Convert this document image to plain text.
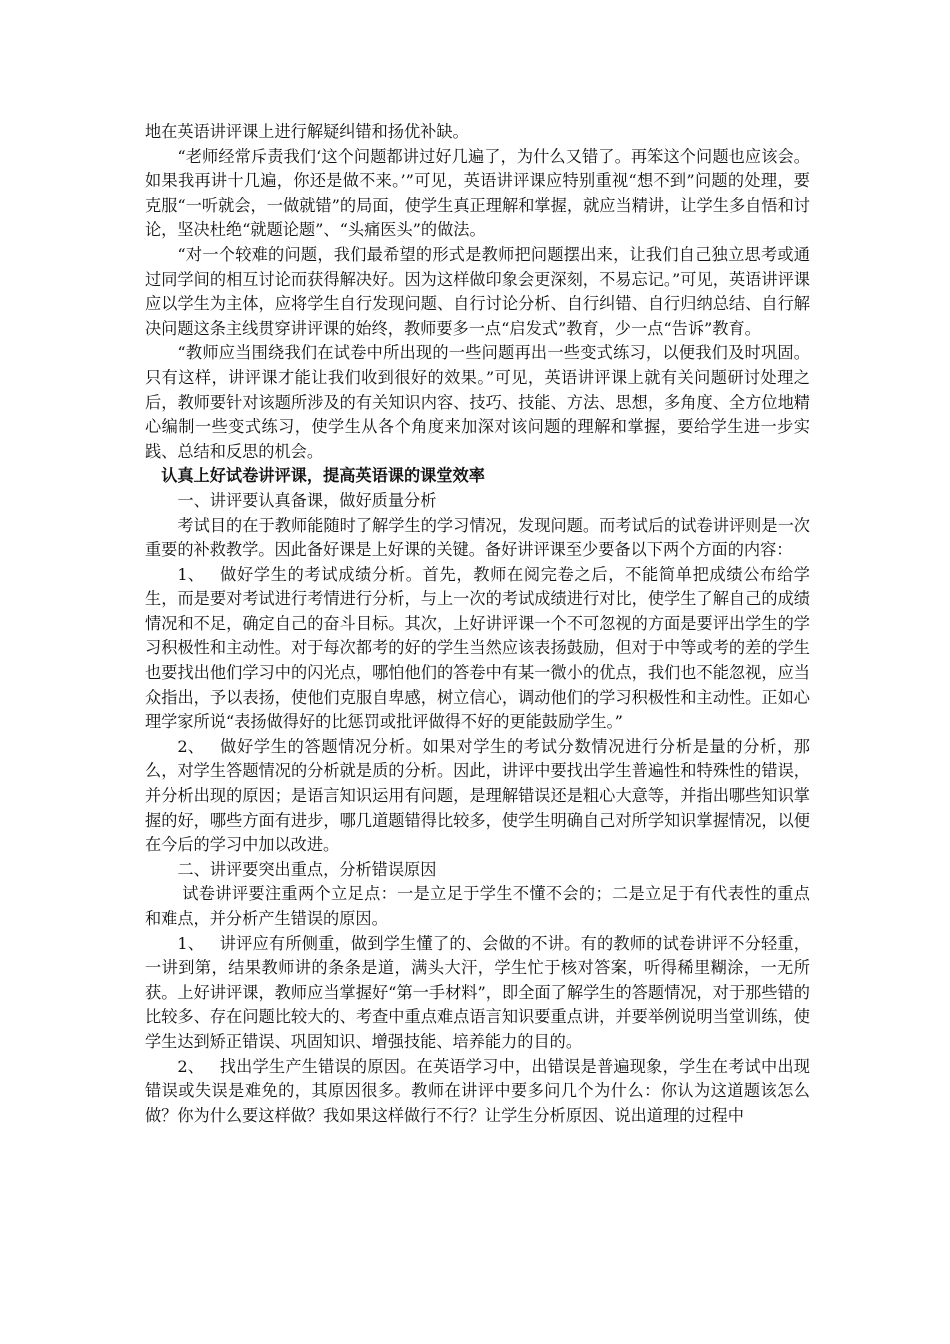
地在英语讲评课上进行解疑纠错和扬优补缺。

“老师经常斥责我们‘这个问题都讲过好几遍了，为什么又错了。再笨这个问题也应该会。如果我再讲十几遍，你还是做不来。’”可见，英语讲评课应特别重视“想不到”问题的处理，要克服“一听就会，一做就错”的局面，使学生真正理解和掌握，就应当精讲，让学生多自悟和讨论，坚决杜绝“就题论题”、“头痛医头”的做法。

“对一个较难的问题，我们最希望的形式是教师把问题摆出来，让我们自己独立思考或通过同学间的相互讨论而获得解决好。因为这样做印象会更深刻，不易忘记。”可见，英语讲评课应以学生为主体，应将学生自行发现问题、自行讨论分析、自行纠错、自行归纳总结、自行解决问题这条主线贯穿讲评课的始终，教师要多一点“启发式”教育，少一点“告诉”教育。

“教师应当围绕我们在试卷中所出现的一些问题再出一些变式练习，以便我们及时巩固。只有这样，讲评课才能让我们收到很好的效果。”可见，英语讲评课上就有关问题研讨处理之后，教师要针对该题所涉及的有关知识内容、技巧、技能、方法、思想，多角度、全方位地精心编制一些变式练习，使学生从各个角度来加深对该问题的理解和掌握，要给学生进一步实践、总结和反思的机会。

认真上好试卷讲评课，提高英语课的课堂效率

一、讲评要认真备课，做好质量分析

考试目的在于教师能随时了解学生的学习情况，发现问题。而考试后的试卷讲评则是一次重要的补救教学。因此备好课是上好课的关键。备好讲评课至少要备以下两个方面的内容：

1、 做好学生的考试成绩分析。首先，教师在阅完卷之后，不能简单把成绩公布给学生，而是要对考试进行考情进行分析，与上一次的考试成绩进行对比，使学生了解自己的成绩情况和不足，确定自己的奋斗目标。其次，上好讲评课一个不可忽视的方面是要评出学生的学习积极性和主动性。对于每次都考的好的学生当然应该表扬鼓励，但对于中等或考的差的学生也要找出他们学习中的闪光点，哪怕他们的答卷中有某一微小的优点，我们也不能忽视，应当众指出，予以表扬，使他们克服自卑感，树立信心，调动他们的学习积极性和主动性。正如心理学家所说“表扬做得好的比惩罚或批评做得不好的更能鼓励学生。”

2、 做好学生的答题情况分析。如果对学生的考试分数情况进行分析是量的分析，那么，对学生答题情况的分析就是质的分析。因此，讲评中要找出学生普遍性和特殊性的错误，并分析出现的原因；是语言知识运用有问题，是理解错误还是粗心大意等，并指出哪些知识掌握的好，哪些方面有进步，哪几道题错得比较多，使学生明确自己对所学知识掌握情况，以便在今后的学习中加以改进。

二、讲评要突出重点，分析错误原因

试卷讲评要注重两个立足点：一是立足于学生不懂不会的；二是立足于有代表性的重点和难点，并分析产生错误的原因。

1、 讲评应有所侧重，做到学生懂了的、会做的不讲。有的教师的试卷讲评不分轻重，一讲到第，结果教师讲的条条是道，满头大汗，学生忙于核对答案，听得稀里糊涂，一无所获。上好讲评课，教师应当掌握好“第一手材料”，即全面了解学生的答题情况，对于那些错的比较多、存在问题比较大的、考查中重点难点语言知识要重点讲，并要举例说明当堂训练，使学生达到矫正错误、巩固知识、增强技能、培养能力的目的。

2、 找出学生产生错误的原因。在英语学习中，出错误是普遍现象，学生在考试中出现错误或失误是难免的，其原因很多。教师在讲评中要多问几个为什么：你认为这道题该怎么做？你为什么要这样做？我如果这样做行不行？让学生分析原因、说出道理的过程中
